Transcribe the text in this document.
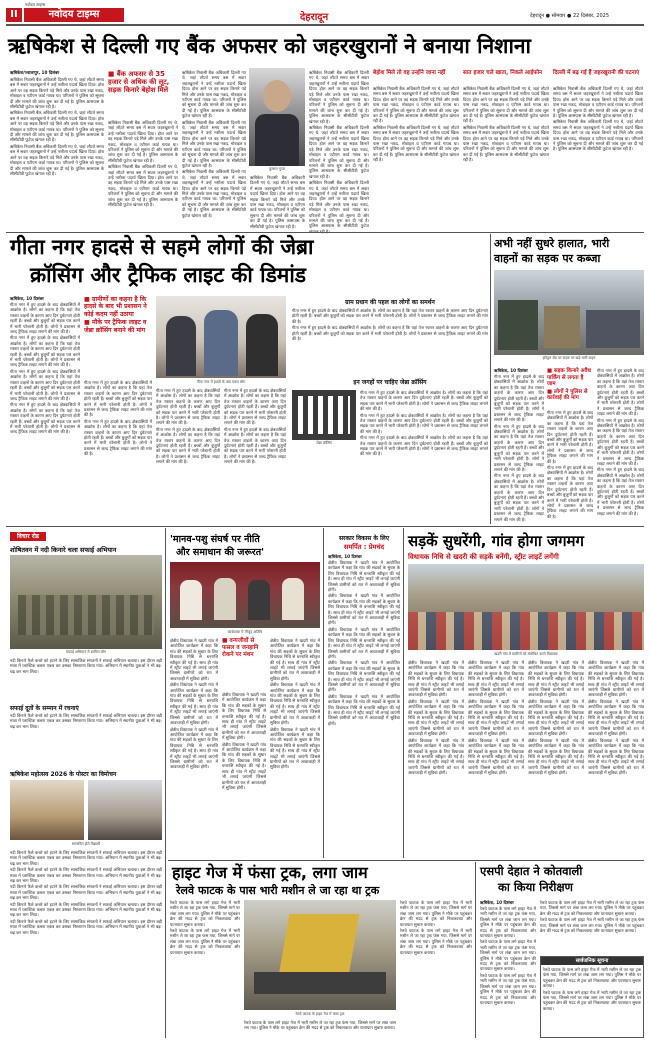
II	नवोदय टाइम्स
नवोदय टाइम्स
देहरादून	देहरादून ● सोमवार ● 22 दिसंबर, 2025
ऋषिकेश से दिल्ली गए बैंक अफसर को जहरखुरानों ने बनाया निशाना
ऋषिकेश/ज्वालापुर, 10 दिसंबर

ऋषिकेश निवासी बैंक अधिकारी दिल्ली गए थे, जहां लौटते समय बस में सवार जहरखुरानों ने उन्हें नशीला पदार्थ खिला दिया। होश आने पर वह सड़क किनारे पड़े मिले और उनके पास रखा नकद, मोबाइल व एटीएम कार्ड गायब था। परिजनों ने पुलिस को सूचना दी और मामले की जांच शुरू कर दी गई है। पुलिस आसपास के सीसीटीवी फुटेज खंगाल रही है।

ऋषिकेश निवासी बैंक अधिकारी दिल्ली गए थे, जहां लौटते समय बस में सवार जहरखुरानों ने उन्हें नशीला पदार्थ खिला दिया। होश आने पर वह सड़क किनारे पड़े मिले और उनके पास रखा नकद, मोबाइल व एटीएम कार्ड गायब था। परिजनों ने पुलिस को सूचना दी और मामले की जांच शुरू कर दी गई है। पुलिस आसपास के सीसीटीवी फुटेज खंगाल रही है।

ऋषिकेश निवासी बैंक अधिकारी दिल्ली गए थे, जहां लौटते समय बस में सवार जहरखुरानों ने उन्हें नशीला पदार्थ खिला दिया। होश आने पर वह सड़क किनारे पड़े मिले और उनके पास रखा नकद, मोबाइल व एटीएम कार्ड गायब था। परिजनों ने पुलिस को सूचना दी और मामले की जांच शुरू कर दी गई है। पुलिस आसपास के सीसीटीवी फुटेज खंगाल रही है।

■ बैंक अफसर से 35 हजार से अधिक की लूट, सड़क किनारे बेहोश मिले

ऋषिकेश निवासी बैंक अधिकारी दिल्ली गए थे, जहां लौटते समय बस में सवार जहरखुरानों ने उन्हें नशीला पदार्थ खिला दिया। होश आने पर वह सड़क किनारे पड़े मिले और उनके पास रखा नकद, मोबाइल व एटीएम कार्ड गायब था। परिजनों ने पुलिस को सूचना दी और मामले की जांच शुरू कर दी गई है। पुलिस आसपास के सीसीटीवी फुटेज खंगाल रही है।

ऋषिकेश निवासी बैंक अधिकारी दिल्ली गए थे, जहां लौटते समय बस में सवार जहरखुरानों ने उन्हें नशीला पदार्थ खिला दिया। होश आने पर वह सड़क किनारे पड़े मिले और उनके पास रखा नकद, मोबाइल व एटीएम कार्ड गायब था। परिजनों ने पुलिस को सूचना दी और मामले की जांच शुरू कर दी गई है। पुलिस आसपास के सीसीटीवी फुटेज खंगाल रही है।

ऋषिकेश निवासी बैंक अधिकारी दिल्ली गए थे, जहां लौटते समय बस में सवार जहरखुरानों ने उन्हें नशीला पदार्थ खिला दिया। होश आने पर वह सड़क किनारे पड़े मिले और उनके पास रखा नकद, मोबाइल व एटीएम कार्ड गायब था। परिजनों ने पुलिस को सूचना दी और मामले की जांच शुरू कर दी गई है। पुलिस आसपास के सीसीटीवी फुटेज खंगाल रही है।

ऋषिकेश निवासी बैंक अधिकारी दिल्ली गए थे, जहां लौटते समय बस में सवार जहरखुरानों ने उन्हें नशीला पदार्थ खिला दिया। होश आने पर वह सड़क किनारे पड़े मिले और उनके पास रखा नकद, मोबाइल व एटीएम कार्ड गायब था। परिजनों ने पुलिस को सूचना दी और मामले की जांच शुरू कर दी गई है। पुलिस आसपास के सीसीटीवी फुटेज खंगाल रही है।

ऋषिकेश निवासी बैंक अधिकारी दिल्ली गए थे, जहां लौटते समय बस में सवार जहरखुरानों ने उन्हें नशीला पदार्थ खिला दिया। होश आने पर वह सड़क किनारे पड़े मिले और उनके पास रखा नकद, मोबाइल व एटीएम कार्ड गायब था। परिजनों ने पुलिस को सूचना दी और मामले की जांच शुरू कर दी गई है। पुलिस आसपास के सीसीटीवी फुटेज खंगाल रही है।

कुणाल गुप्ता

ऋषिकेश निवासी बैंक अधिकारी दिल्ली गए थे, जहां लौटते समय बस में सवार जहरखुरानों ने उन्हें नशीला पदार्थ खिला दिया। होश आने पर वह सड़क किनारे पड़े मिले और उनके पास रखा नकद, मोबाइल व एटीएम कार्ड गायब था। परिजनों ने पुलिस को सूचना दी और मामले की जांच शुरू कर दी गई है। पुलिस आसपास के सीसीटीवी फुटेज खंगाल रही है।

ऋषिकेश निवासी बैंक अधिकारी दिल्ली गए थे, जहां लौटते समय बस में सवार जहरखुरानों ने उन्हें नशीला पदार्थ खिला दिया। होश आने पर वह सड़क किनारे पड़े मिले और उनके पास रखा नकद, मोबाइल व एटीएम कार्ड गायब था। परिजनों ने पुलिस को सूचना दी और मामले की जांच शुरू कर दी गई है। पुलिस आसपास के सीसीटीवी फुटेज खंगाल रही है।

ऋषिकेश निवासी बैंक अधिकारी दिल्ली गए थे, जहां लौटते समय बस में सवार जहरखुरानों ने उन्हें नशीला पदार्थ खिला दिया। होश आने पर वह सड़क किनारे पड़े मिले और उनके पास रखा नकद, मोबाइल व एटीएम कार्ड गायब था। परिजनों ने पुलिस को सूचना दी और मामले की जांच शुरू कर दी गई है। पुलिस आसपास के सीसीटीवी फुटेज खंगाल रही है।

ऋषिकेश निवासी बैंक अधिकारी दिल्ली गए थे, जहां लौटते समय बस में सवार जहरखुरानों ने उन्हें नशीला पदार्थ खिला दिया। होश आने पर वह सड़क किनारे पड़े मिले और उनके पास रखा नकद, मोबाइल व एटीएम कार्ड गायब था। परिजनों ने पुलिस को सूचना दी और मामले की जांच शुरू कर दी गई है। पुलिस आसपास के सीसीटीवी फुटेज

बेहोश मिले तो वह उन्होंने जाना नहीं

ऋषिकेश निवासी बैंक अधिकारी दिल्ली गए थे, जहां लौटते समय बस में सवार जहरखुरानों ने उन्हें नशीला पदार्थ खिला दिया। होश आने पर वह सड़क किनारे पड़े मिले और उनके पास रखा नकद, मोबाइल व एटीएम कार्ड गायब था। परिजनों ने पुलिस को सूचना दी और मामले की जांच शुरू कर दी गई है। पुलिस आसपास के सीसीटीवी फुटेज खंगाल रही है।

ऋषिकेश निवासी बैंक अधिकारी दिल्ली गए थे, जहां लौटते समय बस में सवार जहरखुरानों ने उन्हें नशीला पदार्थ खिला दिया। होश आने पर वह सड़क किनारे पड़े मिले और उनके पास रखा नकद, मोबाइल व एटीएम कार्ड गायब था। परिजनों ने पुलिस को सूचना दी और मामले की जांच शुरू कर दी गई है। पुलिस आसपास के सीसीटीवी फुटेज खंगाल रही है।

सात हजार चले खाता, निकले आईफोन

ऋषिकेश निवासी बैंक अधिकारी दिल्ली गए थे, जहां लौटते समय बस में सवार जहरखुरानों ने उन्हें नशीला पदार्थ खिला दिया। होश आने पर वह सड़क किनारे पड़े मिले और उनके पास रखा नकद, मोबाइल व एटीएम कार्ड गायब था। परिजनों ने पुलिस को सूचना दी और मामले की जांच शुरू कर दी गई है। पुलिस आसपास के सीसीटीवी फुटेज खंगाल रही है।

ऋषिकेश निवासी बैंक अधिकारी दिल्ली गए थे, जहां लौटते समय बस में सवार जहरखुरानों ने उन्हें नशीला पदार्थ खिला दिया। होश आने पर वह सड़क किनारे पड़े मिले और उनके पास रखा नकद, मोबाइल व एटीएम कार्ड गायब था। परिजनों ने पुलिस को सूचना दी और मामले की जांच शुरू कर दी गई है। पुलिस आसपास के सीसीटीवी फुटेज खंगाल रही है।

दिल्ली में बढ़ गई हैं जहरखुरानी की घटनाएं

ऋषिकेश निवासी बैंक अधिकारी दिल्ली गए थे, जहां लौटते समय बस में सवार जहरखुरानों ने उन्हें नशीला पदार्थ खिला दिया। होश आने पर वह सड़क किनारे पड़े मिले और उनके पास रखा नकद, मोबाइल व एटीएम कार्ड गायब था। परिजनों ने पुलिस को सूचना दी और मामले की जांच शुरू कर दी गई है। पुलिस आसपास के सीसीटीवी फुटेज खंगाल रही है।

ऋषिकेश निवासी बैंक अधिकारी दिल्ली गए थे, जहां लौटते समय बस में सवार जहरखुरानों ने उन्हें नशीला पदार्थ खिला दिया। होश आने पर वह सड़क किनारे पड़े मिले और उनके पास रखा नकद, मोबाइल व एटीएम कार्ड गायब था। परिजनों ने पुलिस को सूचना दी और मामले की जांच शुरू कर दी गई है। पुलिस आसपास के सीसीटीवी फुटेज खंगाल रही है।

गीता नगर हादसे से सहमे लोगों की जेब्रा
क्रॉसिंग और ट्रैफिक लाइट की डिमांड
ऋषिकेश, 10 दिसंबर

गीता नगर में हुए हादसे के बाद क्षेत्रवासियों में आक्रोश है। लोगों का कहना है कि यहां तेज रफ्तार वाहनों के कारण आए दिन दुर्घटनाएं होती रहती हैं। बच्चों और बुजुर्गों को सड़क पार करने में भारी परेशानी होती है। लोगों ने प्रशासन से जल्द ट्रैफिक लाइट लगाने की मांग की है।

गीता नगर में हुए हादसे के बाद क्षेत्रवासियों में आक्रोश है। लोगों का कहना है कि यहां तेज रफ्तार वाहनों के कारण आए दिन दुर्घटनाएं होती रहती हैं। बच्चों और बुजुर्गों को सड़क पार करने में भारी परेशानी होती है। लोगों ने प्रशासन से जल्द ट्रैफिक लाइट लगाने की मांग की है।

गीता नगर में हुए हादसे के बाद क्षेत्रवासियों में आक्रोश है। लोगों का कहना है कि यहां तेज रफ्तार वाहनों के कारण आए दिन दुर्घटनाएं होती रहती हैं। बच्चों और बुजुर्गों को सड़क पार करने में भारी परेशानी होती है। लोगों ने प्रशासन से जल्द ट्रैफिक लाइट लगाने की मांग की है।

गीता नगर में हुए हादसे के बाद क्षेत्रवासियों में आक्रोश है। लोगों का कहना है कि यहां तेज रफ्तार वाहनों के कारण आए दिन दुर्घटनाएं होती रहती हैं। बच्चों और बुजुर्गों को सड़क पार करने में भारी परेशानी होती है। लोगों ने प्रशासन से जल्द ट्रैफिक लाइट लगाने की मांग की है।

■ ग्रामीणों का कहना है कि हादसे के बाद भी प्रशासन ने कोई कदम नहीं उठाया
■ मौके पर ट्रैफिक लाइट व जेब्रा क्रॉसिंग बनाने की मांग

गीता नगर में हुए हादसे के बाद क्षेत्रवासियों में आक्रोश है। लोगों का कहना है कि यहां तेज रफ्तार वाहनों के कारण आए दिन दुर्घटनाएं होती रहती हैं। बच्चों और बुजुर्गों को सड़क पार करने में भारी परेशानी होती है। लोगों ने प्रशासन से जल्द ट्रैफिक लाइट लगाने की मांग की है।

गीता नगर में हुए हादसे के बाद क्षेत्रवासियों में आक्रोश है। लोगों का कहना है कि यहां तेज रफ्तार वाहनों के कारण आए दिन दुर्घटनाएं होती रहती हैं। बच्चों और बुजुर्गों को सड़क पार करने में भारी परेशानी होती है। लोगों ने प्रशासन से जल्द ट्रैफिक लाइट लगाने की मांग की है।

गीता नगर में हादसे के बाद एकत्र लोग

गीता नगर में हुए हादसे के बाद क्षेत्रवासियों में आक्रोश है। लोगों का कहना है कि यहां तेज रफ्तार वाहनों के कारण आए दिन दुर्घटनाएं होती रहती हैं। बच्चों और बुजुर्गों को सड़क पार करने में भारी परेशानी होती है। लोगों ने प्रशासन से जल्द ट्रैफिक लाइट लगाने की मांग की है।

गीता नगर में हुए हादसे के बाद क्षेत्रवासियों में आक्रोश है। लोगों का कहना है कि यहां तेज रफ्तार वाहनों के कारण आए दिन दुर्घटनाएं होती रहती हैं। बच्चों और बुजुर्गों को सड़क पार करने में भारी परेशानी होती है। लोगों ने प्रशासन से जल्द ट्रैफिक लाइट लगाने की मांग की है।

गीता नगर में हुए हादसे के बाद क्षेत्रवासियों में आक्रोश है। लोगों का कहना है कि यहां तेज रफ्तार वाहनों के कारण आए दिन दुर्घटनाएं होती रहती हैं। बच्चों और बुजुर्गों को सड़क पार करने में भारी परेशानी होती है। लोगों ने प्रशासन से जल्द ट्रैफिक लाइट लगाने की मांग की है।

गीता नगर में हुए हादसे के बाद क्षेत्रवासियों में आक्रोश है। लोगों का कहना है कि यहां तेज रफ्तार वाहनों के कारण आए दिन दुर्घटनाएं होती रहती हैं। बच्चों और बुजुर्गों को सड़क पार करने में भारी परेशानी होती है। लोगों ने प्रशासन से जल्द ट्रैफिक लाइट लगाने की मांग की है।

ग्राम प्रधान की पहल का लोगों का समर्थन

गीता नगर में हुए हादसे के बाद क्षेत्रवासियों में आक्रोश है। लोगों का कहना है कि यहां तेज रफ्तार वाहनों के कारण आए दिन दुर्घटनाएं होती रहती हैं। बच्चों और बुजुर्गों को सड़क पार करने में भारी परेशानी होती है। लोगों ने प्रशासन से जल्द ट्रैफिक लाइट लगाने की मांग की है।

गीता नगर में हुए हादसे के बाद क्षेत्रवासियों में आक्रोश है। लोगों का कहना है कि यहां तेज रफ्तार वाहनों के कारण आए दिन दुर्घटनाएं होती रहती हैं। बच्चों और बुजुर्गों को सड़क पार करने में भारी परेशानी होती है। लोगों ने प्रशासन से जल्द ट्रैफिक लाइट लगाने की मांग की है।

इन जगहों पर चाहिए जेब्रा क्रॉसिंग
जेब्रा क्रॉसिंग

गीता नगर में हुए हादसे के बाद क्षेत्रवासियों में आक्रोश है। लोगों का कहना है कि यहां तेज रफ्तार वाहनों के कारण आए दिन दुर्घटनाएं होती रहती हैं। बच्चों और बुजुर्गों को सड़क पार करने में भारी परेशानी होती है। लोगों ने प्रशासन से जल्द ट्रैफिक लाइट लगाने की मांग की है।

गीता नगर में हुए हादसे के बाद क्षेत्रवासियों में आक्रोश है। लोगों का कहना है कि यहां तेज रफ्तार वाहनों के कारण आए दिन दुर्घटनाएं होती रहती हैं। बच्चों और बुजुर्गों को सड़क पार करने में भारी परेशानी होती है। लोगों ने प्रशासन से जल्द ट्रैफिक लाइट लगाने की मांग की है।

गीता नगर में हुए हादसे के बाद क्षेत्रवासियों में आक्रोश है। लोगों का कहना है कि यहां तेज रफ्तार वाहनों के कारण आए दिन दुर्घटनाएं होती रहती हैं। बच्चों और बुजुर्गों को सड़क पार करने में भारी परेशानी होती है। लोगों ने प्रशासन से जल्द ट्रैफिक लाइट लगाने की मांग की है।

अभी नहीं सुधरे हालात, भारी
वाहनों का सड़क पर कब्जा
हरिद्वार रोड पर सड़क पर खड़े भारी वाहन
ऋषिकेश, 10 दिसंबर

गीता नगर में हुए हादसे के बाद क्षेत्रवासियों में आक्रोश है। लोगों का कहना है कि यहां तेज रफ्तार वाहनों के कारण आए दिन दुर्घटनाएं होती रहती हैं। बच्चों और बुजुर्गों को सड़क पार करने में भारी परेशानी होती है। लोगों ने प्रशासन से जल्द ट्रैफिक लाइट लगाने की मांग की है।

गीता नगर में हुए हादसे के बाद क्षेत्रवासियों में आक्रोश है। लोगों का कहना है कि यहां तेज रफ्तार वाहनों के कारण आए दिन दुर्घटनाएं होती रहती हैं। बच्चों और बुजुर्गों को सड़क पार करने में भारी परेशानी होती है। लोगों ने प्रशासन से जल्द ट्रैफिक लाइट लगाने की मांग की है।

गीता नगर में हुए हादसे के बाद क्षेत्रवासियों में आक्रोश है। लोगों का कहना है कि यहां तेज रफ्तार वाहनों के कारण आए दिन दुर्घटनाएं होती रहती हैं। बच्चों और बुजुर्गों को सड़क पार करने में भारी परेशानी होती है। लोगों ने प्रशासन से जल्द ट्रैफिक लाइट लगाने की मांग की है।

■ सड़क किनारे अवैध पार्किंग से लगता है जाम
■ लोगों ने पुलिस से कार्रवाई की मांग

गीता नगर में हुए हादसे के बाद क्षेत्रवासियों में आक्रोश है। लोगों का कहना है कि यहां तेज रफ्तार वाहनों के कारण आए दिन दुर्घटनाएं होती रहती हैं। बच्चों और बुजुर्गों को सड़क पार करने में भारी परेशानी होती है। लोगों ने प्रशासन से जल्द ट्रैफिक लाइट लगाने की मांग की है।

गीता नगर में हुए हादसे के बाद क्षेत्रवासियों में आक्रोश है। लोगों का कहना है कि यहां तेज रफ्तार वाहनों के कारण आए दिन दुर्घटनाएं होती रहती हैं। बच्चों और बुजुर्गों को सड़क पार करने में भारी परेशानी होती है। लोगों ने प्रशासन से जल्द ट्रैफिक लाइट लगाने की मांग की है।

गीता नगर में हुए हादसे के बाद क्षेत्रवासियों में आक्रोश है। लोगों का कहना है कि यहां तेज रफ्तार वाहनों के कारण आए दिन दुर्घटनाएं होती रहती हैं। बच्चों और बुजुर्गों को सड़क पार करने में भारी परेशानी होती है। लोगों ने प्रशासन से जल्द ट्रैफिक लाइट लगाने की मांग की है।

गीता नगर में हुए हादसे के बाद क्षेत्रवासियों में आक्रोश है। लोगों का कहना है कि यहां तेज रफ्तार वाहनों के कारण आए दिन दुर्घटनाएं होती रहती हैं। बच्चों और बुजुर्गों को सड़क पार करने में भारी परेशानी होती है। लोगों ने प्रशासन से जल्द ट्रैफिक लाइट लगाने की मांग की है।

गीता नगर में हुए हादसे के बाद क्षेत्रवासियों में आक्रोश है। लोगों का कहना है कि यहां तेज रफ्तार वाहनों के कारण आए दिन दुर्घटनाएं होती रहती हैं। बच्चों और बुजुर्गों को सड़क पार करने में भारी परेशानी होती है। लोगों ने प्रशासन से जल्द ट्रैफिक लाइट लगाने की मांग की है।

विचार रोड
शोषितवन में नदी किनारे चला सफाई अभियान
सफाई अभियान में शामिल लोग

नदी किनारे फैले कचरे को हटाने के लिए सामाजिक संगठनों ने सफाई अभियान चलाया। इस दौरान बड़ी मात्रा में प्लास्टिक कचरा एकत्र कर उसका निस्तारण किया गया। अभियान में स्थानीय युवाओं ने भी बढ़-चढ़ कर भाग लिया।

सफाई दूतों के सम्मान में रचनाएं

नदी किनारे फैले कचरे को हटाने के लिए सामाजिक संगठनों ने सफाई अभियान चलाया। इस दौरान बड़ी मात्रा में प्लास्टिक कचरा एकत्र कर उसका निस्तारण किया गया। अभियान में स्थानीय युवाओं ने भी बढ़-चढ़ कर भाग लिया।

ऋषिकेश महोत्सव 2026 के पोस्टर का विमोचन
सम्मानित होते विद्यार्थी

नदी किनारे फैले कचरे को हटाने के लिए सामाजिक संगठनों ने सफाई अभियान चलाया। इस दौरान बड़ी मात्रा में प्लास्टिक कचरा एकत्र कर उसका निस्तारण किया गया। अभियान में स्थानीय युवाओं ने भी बढ़-चढ़ कर भाग लिया।

नदी किनारे फैले कचरे को हटाने के लिए सामाजिक संगठनों ने सफाई अभियान चलाया। इस दौरान बड़ी मात्रा में प्लास्टिक कचरा एकत्र कर उसका निस्तारण किया गया। अभियान में स्थानीय युवाओं ने भी बढ़-चढ़ कर भाग लिया।

नदी किनारे फैले कचरे को हटाने के लिए सामाजिक संगठनों ने सफाई अभियान चलाया। इस दौरान बड़ी मात्रा में प्लास्टिक कचरा एकत्र कर उसका निस्तारण किया गया। अभियान में स्थानीय युवाओं ने भी बढ़-चढ़ कर भाग लिया।

नदी किनारे फैले कचरे को हटाने के लिए सामाजिक संगठनों ने सफाई अभियान चलाया। इस दौरान बड़ी मात्रा में प्लास्टिक कचरा एकत्र कर उसका निस्तारण किया गया। अभियान में स्थानीय युवाओं ने भी बढ़-चढ़ कर भाग लिया।

नदी किनारे फैले कचरे को हटाने के लिए सामाजिक संगठनों ने सफाई अभियान चलाया। इस दौरान बड़ी मात्रा में प्लास्टिक कचरा एकत्र कर उसका निस्तारण किया गया। अभियान में स्थानीय युवाओं ने भी बढ़-चढ़ कर भाग लिया।

'मानव-पशु संघर्ष पर नीति
और समाधान की जरूरत'
कार्यशाला में मौजूद अतिथि

क्षेत्रीय विधायक ने खदरी गांव में आयोजित कार्यक्रम में कहा कि गांव की सड़कों के सुधार के लिए विधायक निधि से धनराशि स्वीकृत की गई है। साथ ही गांव में स्ट्रीट लाइटें भी लगाई जाएंगी जिससे ग्रामीणों को रात में आवाजाही में सुविधा होगी।

क्षेत्रीय विधायक ने खदरी गांव में आयोजित कार्यक्रम में कहा कि गांव की सड़कों के सुधार के लिए विधायक निधि से धनराशि स्वीकृत की गई है। साथ ही गांव में स्ट्रीट लाइटें भी लगाई जाएंगी जिससे ग्रामीणों को रात में आवाजाही में सुविधा होगी।

क्षेत्रीय विधायक ने खदरी गांव में आयोजित कार्यक्रम में कहा कि गांव की सड़कों के सुधार के लिए विधायक निधि से धनराशि स्वीकृत की गई है। साथ ही गांव में स्ट्रीट लाइटें भी लगाई जाएंगी जिससे ग्रामीणों को रात में आवाजाही में सुविधा होगी।

■ वन्यजीवों से फसल व जनहानि रोकने पर मंथन

क्षेत्रीय विधायक ने खदरी गांव में आयोजित कार्यक्रम में कहा कि गांव की सड़कों के सुधार के लिए विधायक निधि से धनराशि स्वीकृत की गई है। साथ ही गांव में स्ट्रीट लाइटें भी लगाई जाएंगी जिससे ग्रामीणों को रात में आवाजाही में सुविधा होगी।

क्षेत्रीय विधायक ने खदरी गांव में आयोजित कार्यक्रम में कहा कि गांव की सड़कों के सुधार के लिए विधायक निधि से धनराशि स्वीकृत की गई है। साथ ही गांव में स्ट्रीट लाइटें भी लगाई जाएंगी जिससे ग्रामीणों को रात में आवाजाही में सुविधा होगी।

क्षेत्रीय विधायक ने खदरी गांव में आयोजित कार्यक्रम में कहा कि गांव की सड़कों के सुधार के लिए विधायक निधि से धनराशि स्वीकृत की गई है। साथ ही गांव में स्ट्रीट लाइटें भी लगाई जाएंगी जिससे ग्रामीणों को रात में आवाजाही में सुविधा होगी।

क्षेत्रीय विधायक ने खदरी गांव में आयोजित कार्यक्रम में कहा कि गांव की सड़कों के सुधार के लिए विधायक निधि से धनराशि स्वीकृत की गई है। साथ ही गांव में स्ट्रीट लाइटें भी लगाई जाएंगी जिससे ग्रामीणों को रात में आवाजाही में सुविधा होगी।

क्षेत्रीय विधायक ने खदरी गांव में आयोजित कार्यक्रम में कहा कि गांव की सड़कों के सुधार के लिए विधायक निधि से धनराशि स्वीकृत की गई है। साथ ही गांव में स्ट्रीट लाइटें भी लगाई जाएंगी जिससे ग्रामीणों को रात में आवाजाही में सुविधा होगी।

सरकार विकास के लिए
समर्पित : प्रेमचंद
ऋषिकेश, 10 दिसंबर

क्षेत्रीय विधायक ने खदरी गांव में आयोजित कार्यक्रम में कहा कि गांव की सड़कों के सुधार के लिए विधायक निधि से धनराशि स्वीकृत की गई है। साथ ही गांव में स्ट्रीट लाइटें भी लगाई जाएंगी जिससे ग्रामीणों को रात में आवाजाही में सुविधा होगी।

क्षेत्रीय विधायक ने खदरी गांव में आयोजित कार्यक्रम में कहा कि गांव की सड़कों के सुधार के लिए विधायक निधि से धनराशि स्वीकृत की गई है। साथ ही गांव में स्ट्रीट लाइटें भी लगाई जाएंगी जिससे ग्रामीणों को रात में आवाजाही में सुविधा होगी।

क्षेत्रीय विधायक ने खदरी गांव में आयोजित कार्यक्रम में कहा कि गांव की सड़कों के सुधार के लिए विधायक निधि से धनराशि स्वीकृत की गई है। साथ ही गांव में स्ट्रीट लाइटें भी लगाई जाएंगी जिससे ग्रामीणों को रात में आवाजाही में सुविधा होगी।

क्षेत्रीय विधायक ने खदरी गांव में आयोजित कार्यक्रम में कहा कि गांव की सड़कों के सुधार के लिए विधायक निधि से धनराशि स्वीकृत की गई है। साथ ही गांव में स्ट्रीट लाइटें भी लगाई जाएंगी जिससे ग्रामीणों को रात में आवाजाही में सुविधा होगी।

क्षेत्रीय विधायक ने खदरी गांव में आयोजित कार्यक्रम में कहा कि गांव की सड़कों के सुधार के लिए विधायक निधि से धनराशि स्वीकृत की गई है। साथ ही गांव में स्ट्रीट लाइटें भी लगाई जाएंगी जिससे ग्रामीणों को रात में आवाजाही में सुविधा होगी।

सड़कें सुधरेंगी, गांव होगा जगमग
विधायक निधि से खदरी की सड़कें बनेंगी, स्ट्रीट लाइटें लगेंगी
खदरी गांव में ग्रामीणों को संबोधित करते विधायक

क्षेत्रीय विधायक ने खदरी गांव में आयोजित कार्यक्रम में कहा कि गांव की सड़कों के सुधार के लिए विधायक निधि से धनराशि स्वीकृत की गई है। साथ ही गांव में स्ट्रीट लाइटें भी लगाई जाएंगी जिससे ग्रामीणों को रात में आवाजाही में सुविधा होगी।

क्षेत्रीय विधायक ने खदरी गांव में आयोजित कार्यक्रम में कहा कि गांव की सड़कों के सुधार के लिए विधायक निधि से धनराशि स्वीकृत की गई है। साथ ही गांव में स्ट्रीट लाइटें भी लगाई जाएंगी जिससे ग्रामीणों को रात में आवाजाही में सुविधा होगी।

क्षेत्रीय विधायक ने खदरी गांव में आयोजित कार्यक्रम में कहा कि गांव की सड़कों के सुधार के लिए विधायक निधि से धनराशि स्वीकृत की गई है। साथ ही गांव में स्ट्रीट लाइटें भी लगाई जाएंगी जिससे ग्रामीणों को रात में आवाजाही में सुविधा होगी।

क्षेत्रीय विधायक ने खदरी गांव में आयोजित कार्यक्रम में कहा कि गांव की सड़कों के सुधार के लिए विधायक निधि से धनराशि स्वीकृत की गई है। साथ ही गांव में स्ट्रीट लाइटें भी लगाई जाएंगी जिससे ग्रामीणों को रात में आवाजाही में सुविधा होगी।

क्षेत्रीय विधायक ने खदरी गांव में आयोजित कार्यक्रम में कहा कि गांव की सड़कों के सुधार के लिए विधायक निधि से धनराशि स्वीकृत की गई है। साथ ही गांव में स्ट्रीट लाइटें भी लगाई जाएंगी जिससे ग्रामीणों को रात में आवाजाही में सुविधा होगी।

क्षेत्रीय विधायक ने खदरी गांव में आयोजित कार्यक्रम में कहा कि गांव की सड़कों के सुधार के लिए विधायक निधि से धनराशि स्वीकृत की गई है। साथ ही गांव में स्ट्रीट लाइटें भी लगाई जाएंगी जिससे ग्रामीणों को रात में आवाजाही में सुविधा होगी।

क्षेत्रीय विधायक ने खदरी गांव में आयोजित कार्यक्रम में कहा कि गांव की सड़कों के सुधार के लिए विधायक निधि से धनराशि स्वीकृत की गई है। साथ ही गांव में स्ट्रीट लाइटें भी लगाई जाएंगी जिससे ग्रामीणों को रात में आवाजाही में सुविधा होगी।

क्षेत्रीय विधायक ने खदरी गांव में आयोजित कार्यक्रम में कहा कि गांव की सड़कों के सुधार के लिए विधायक निधि से धनराशि स्वीकृत की गई है। साथ ही गांव में स्ट्रीट लाइटें भी लगाई जाएंगी जिससे ग्रामीणों को रात में आवाजाही में सुविधा होगी।

क्षेत्रीय विधायक ने खदरी गांव में आयोजित कार्यक्रम में कहा कि गांव की सड़कों के सुधार के लिए विधायक निधि से धनराशि स्वीकृत की गई है। साथ ही गांव में स्ट्रीट लाइटें भी लगाई जाएंगी जिससे ग्रामीणों को रात में आवाजाही में सुविधा होगी।

क्षेत्रीय विधायक ने खदरी गांव में आयोजित कार्यक्रम में कहा कि गांव की सड़कों के सुधार के लिए विधायक निधि से धनराशि स्वीकृत की गई है। साथ ही गांव में स्ट्रीट लाइटें भी लगाई जाएंगी जिससे ग्रामीणों को रात में आवाजाही में सुविधा होगी।

क्षेत्रीय विधायक ने खदरी गांव में आयोजित कार्यक्रम में कहा कि गांव की सड़कों के सुधार के लिए विधायक निधि से धनराशि स्वीकृत की गई है। साथ ही गांव में स्ट्रीट लाइटें भी लगाई जाएंगी जिससे ग्रामीणों को रात में आवाजाही में सुविधा होगी।

क्षेत्रीय विधायक ने खदरी गांव में आयोजित कार्यक्रम में कहा कि गांव की सड़कों के सुधार के लिए विधायक निधि से धनराशि स्वीकृत की गई है। साथ ही गांव में स्ट्रीट लाइटें भी लगाई जाएंगी जिससे ग्रामीणों को रात में आवाजाही में सुविधा होगी।

हाइट गेज में फंसा ट्रक, लगा जाम
रेलवे फाटक के पास भारी मशीन ले जा रहा था ट्रक

रेलवे फाटक के पास लगे हाइट गेज में भारी मशीन ले जा रहा ट्रक फंस गया, जिससे मार्ग पर लंबा जाम लग गया। पुलिस ने मौके पर पहुंचकर क्रेन की मदद से ट्रक को निकलवाया और यातायात सुचारु कराया।

रेलवे फाटक के पास लगे हाइट गेज में भारी मशीन ले जा रहा ट्रक फंस गया, जिससे मार्ग पर लंबा जाम लग गया। पुलिस ने मौके पर पहुंचकर क्रेन की मदद से ट्रक को निकलवाया और यातायात सुचारु कराया।

रेलवे फाटक के हाइट गेज में फंसा ट्रक

रेलवे फाटक के पास लगे हाइट गेज में भारी मशीन ले जा रहा ट्रक फंस गया, जिससे मार्ग पर लंबा जाम लग गया। पुलिस ने मौके पर पहुंचकर क्रेन की मदद से ट्रक को निकलवाया और यातायात सुचारु कराया।

रेलवे फाटक के पास लगे हाइट गेज में भारी मशीन ले जा रहा ट्रक फंस गया, जिससे मार्ग पर लंबा जाम लग गया। पुलिस ने मौके पर पहुंचकर क्रेन की मदद से ट्रक को निकलवाया और यातायात सुचारु कराया।

रेलवे फाटक के पास लगे हाइट गेज में भारी मशीन ले जा रहा ट्रक फंस गया, जिससे मार्ग पर लंबा जाम लग गया। पुलिस ने मौके पर पहुंचकर क्रेन की मदद से ट्रक को निकलवाया और यातायात सुचारु कराया।

एसपी देहात ने कोतवाली
का किया निरीक्षण
ऋषिकेश, 10 दिसंबर

रेलवे फाटक के पास लगे हाइट गेज में भारी मशीन ले जा रहा ट्रक फंस गया, जिससे मार्ग पर लंबा जाम लग गया। पुलिस ने मौके पर पहुंचकर क्रेन की मदद से ट्रक को निकलवाया और यातायात सुचारु कराया।

रेलवे फाटक के पास लगे हाइट गेज में भारी मशीन ले जा रहा ट्रक फंस गया, जिससे मार्ग पर लंबा जाम लग गया। पुलिस ने मौके पर पहुंचकर क्रेन की मदद से ट्रक को निकलवाया और यातायात सुचारु कराया।

रेलवे फाटक के पास लगे हाइट गेज में भारी मशीन ले जा रहा ट्रक फंस गया, जिससे मार्ग पर लंबा जाम लग गया। पुलिस ने मौके पर पहुंचकर क्रेन की मदद से ट्रक को निकलवाया और यातायात सुचारु कराया।

रेलवे फाटक के पास लगे हाइट गेज में भारी मशीन ले जा रहा ट्रक फंस गया, जिससे मार्ग पर लंबा जाम लग गया। पुलिस ने मौके पर पहुंचकर क्रेन की मदद से ट्रक को निकलवाया और यातायात सुचारु कराया।

रेलवे फाटक के पास लगे हाइट गेज में भारी मशीन ले जा रहा ट्रक फंस गया, जिससे मार्ग पर लंबा जाम लग गया। पुलिस ने मौके पर पहुंचकर क्रेन की मदद से ट्रक को निकलवाया और यातायात सुचारु कराया।

सार्वजनिक सूचना

रेलवे फाटक के पास लगे हाइट गेज में भारी मशीन ले जा रहा ट्रक फंस गया, जिससे मार्ग पर लंबा जाम लग गया। पुलिस ने मौके पर पहुंचकर क्रेन की मदद से ट्रक को निकलवाया और यातायात सुचारु कराया।

रेलवे फाटक के पास लगे हाइट गेज में भारी मशीन ले जा रहा ट्रक फंस गया, जिससे मार्ग पर लंबा जाम लग गया। पुलिस ने मौके पर पहुंचकर क्रेन की मदद से ट्रक को निकलवाया और यातायात सुचारु कराया।
